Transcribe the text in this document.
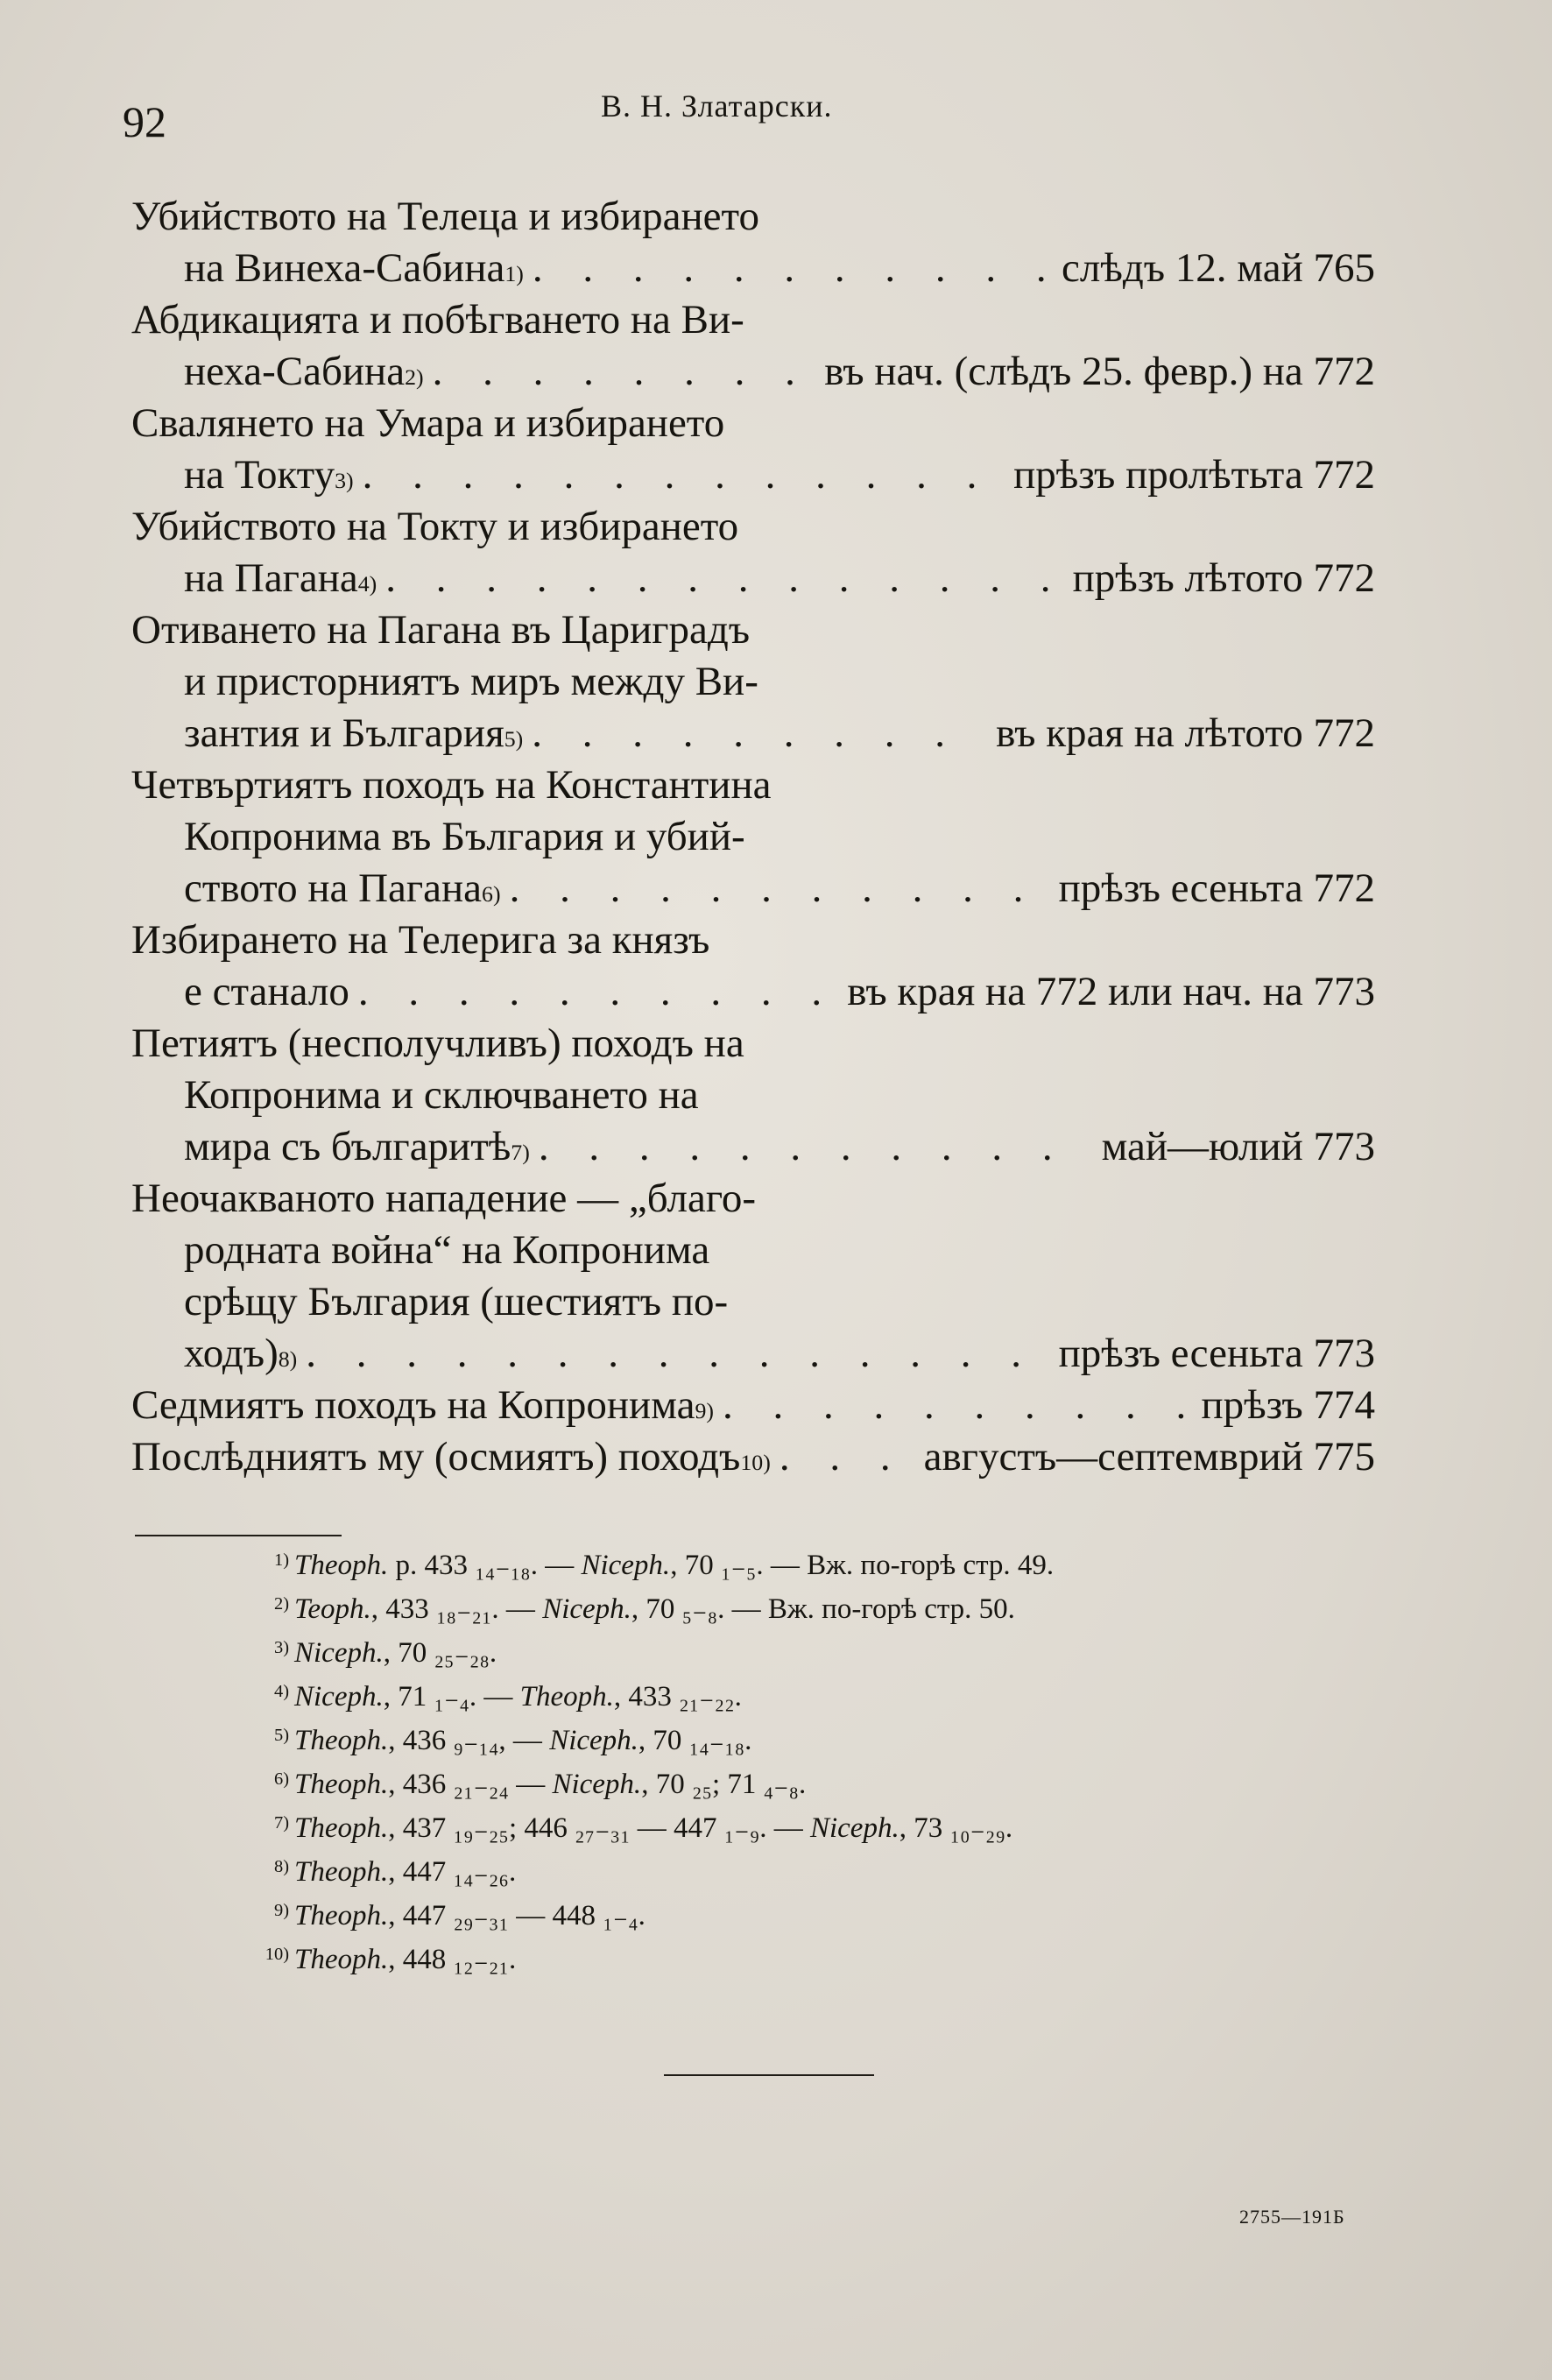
92	В. Н. Златарски.
Убийството на Телеца и избирането
на Винеха-Сабина 1) . . .	слѣдъ 12. май 765
Абдикацията и побѣгването на Ви-
неха-Сабина 2) . . .	въ нач. (слѣдъ 25. февр.) на 772
Свалянето на Умара и избирането
на Токту 3) . . .	прѣзъ пролѣтьта 772
Убийството на Токту и избирането
на Пагана 4) . . .	прѣзъ лѣтото 772
Отиването на Пагана въ Цариградъ
и присторниятъ миръ между Ви-
зантия и България 5) . . .	въ края на лѣтото 772
Четвъртиятъ походъ на Константина
Копронима въ България и убий-
ството на Пагана 6) . . .	прѣзъ есеньта 772
Избирането на Телерига за князъ
е станало . . .	въ края на 772 или нач. на 773
Петиятъ (несполучливъ) походъ на
Копронима и сключването на
мира съ българитѣ 7) . . .	май—юлий 773
Неочакваното нападение — „благо-
родната война“ на Копронима
срѣщу България (шестиятъ по-
ходъ) 8) . . .	прѣзъ есеньта 773
Седмиятъ походъ на Копронима 9) . . .	прѣзъ 774
Послѣдниятъ му (осмиятъ) походъ 10) . . .	августъ—септемврий 775
1) Theoph. р. 433 ₁₄₋₁₈. — Niceph., 70 ₁₋₅. — Вж. по-горѣ стр. 49.
2) Teoph., 433 ₁₈₋₂₁. — Niceph., 70 ₅₋₈. — Вж. по-горѣ стр. 50.
3) Niceph., 70 ₂₅₋₂₈.
4) Niceph., 71 ₁₋₄. — Theoph., 433 ₂₁₋₂₂.
5) Theoph., 436 ₉₋₁₄, — Niceph., 70 ₁₄₋₁₈.
6) Theoph., 436 ₂₁₋₂₄ — Niceph., 70 ₂₅; 71 ₄₋₈.
7) Theoph., 437 ₁₉₋₂₅; 446 ₂₇₋₃₁ — 447 ₁₋₉. — Niceph., 73 ₁₀₋₂₉.
8) Theoph., 447 ₁₄₋₂₆.
9) Theoph., 447 ₂₉₋₃₁ — 448 ₁₋₄.
10) Theoph., 448 ₁₂₋₂₁.
2755—191Б
